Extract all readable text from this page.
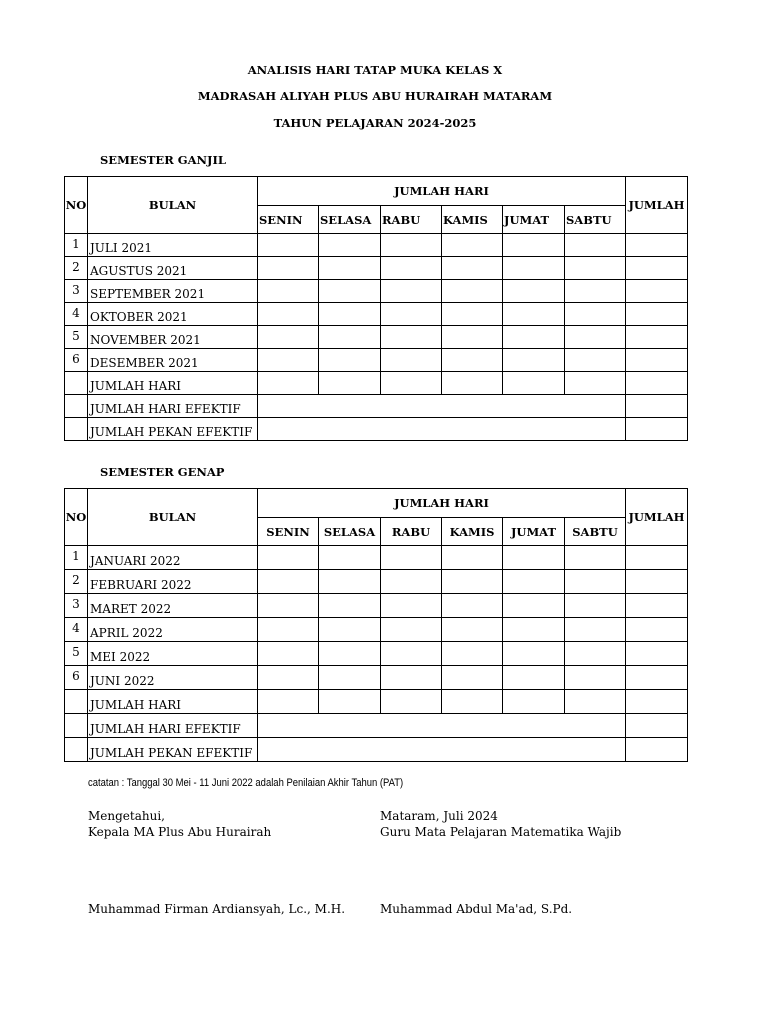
ANALISIS HARI TATAP MUKA KELAS X
MADRASAH ALIYAH PLUS ABU HURAIRAH MATARAM
TAHUN PELAJARAN 2024-2025
SEMESTER GANJIL
NO	BULAN	JUMLAH HARI						JUMLAH
		SENIN	SELASA	RABU	KAMIS	JUMAT	SABTU	
1	JULI 2021							
2	AGUSTUS 2021							
3	SEPTEMBER 2021							
4	OKTOBER 2021							
5	NOVEMBER 2021							
6	DESEMBER 2021							
	JUMLAH HARI							
	JUMLAH HARI EFEKTIF							
	JUMLAH PEKAN EFEKTIF							
SEMESTER GENAP
NO	BULAN	JUMLAH HARI						JUMLAH
		SENIN	SELASA	RABU	KAMIS	JUMAT	SABTU	
1	JANUARI 2022							
2	FEBRUARI 2022							
3	MARET 2022							
4	APRIL 2022							
5	MEI 2022							
6	JUNI 2022							
	JUMLAH HARI							
	JUMLAH HARI EFEKTIF							
	JUMLAH PEKAN EFEKTIF							
catatan : Tanggal 30 Mei - 11 Juni 2022 adalah Penilaian Akhir Tahun (PAT)
Mengetahui,
Kepala MA Plus Abu Hurairah
Mataram, Juli 2024
Guru Mata Pelajaran Matematika Wajib
Muhammad Firman Ardiansyah, Lc., M.H.	Muhammad Abdul Ma'ad, S.Pd.
